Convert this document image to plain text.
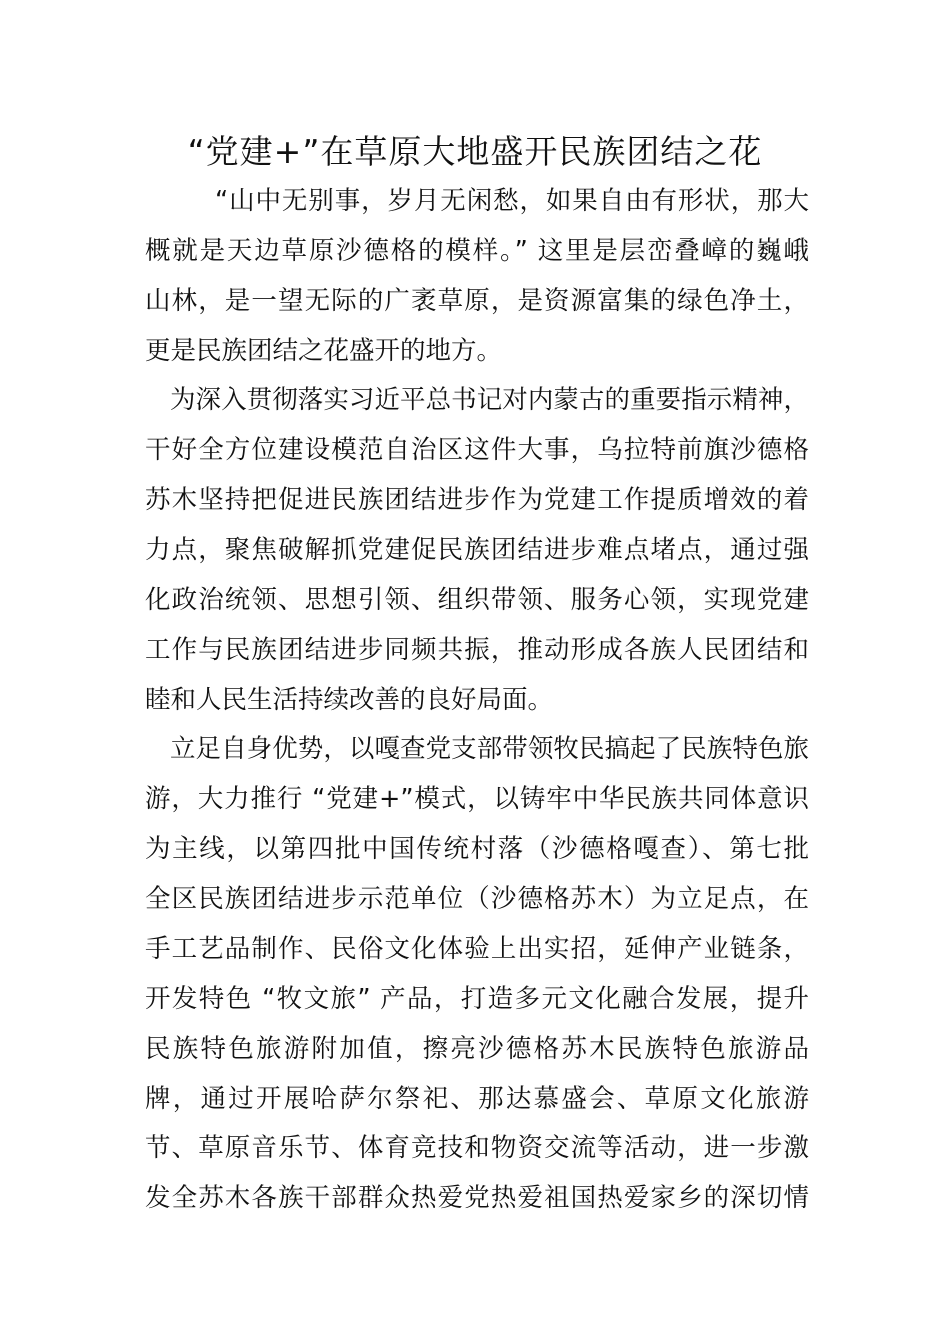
“党建+”在草原大地盛开民族团结之花

“山中无别事，岁月无闲愁，如果自由有形状，那大

概就是天边草原沙德格的模样。” 这里是层峦叠嶂的巍峨

山林，是一望无际的广袤草原，是资源富集的绿色净土，

更是民族团结之花盛开的地方。

为深入贯彻落实习近平总书记对内蒙古的重要指示精神，

干好全方位建设模范自治区这件大事，乌拉特前旗沙德格

苏木坚持把促进民族团结进步作为党建工作提质增效的着

力点，聚焦破解抓党建促民族团结进步难点堵点，通过强

化政治统领、思想引领、组织带领、服务心领，实现党建

工作与民族团结进步同频共振，推动形成各族人民团结和

睦和人民生活持续改善的良好局面。

立足自身优势，以嘎查党支部带领牧民搞起了民族特色旅

游，大力推行 “党建+”模式，以铸牢中华民族共同体意识

为主线，以第四批中国传统村落（沙德格嘎查）、第七批

全区民族团结进步示范单位（沙德格苏木）为立足点，在

手工艺品制作、民俗文化体验上出实招，延伸产业链条，

开发特色 “牧文旅” 产品，打造多元文化融合发展，提升

民族特色旅游附加值，擦亮沙德格苏木民族特色旅游品

牌，通过开展哈萨尔祭祀、那达慕盛会、草原文化旅游

节、草原音乐节、体育竞技和物资交流等活动，进一步激

发全苏木各族干部群众热爱党热爱祖国热爱家乡的深切情
